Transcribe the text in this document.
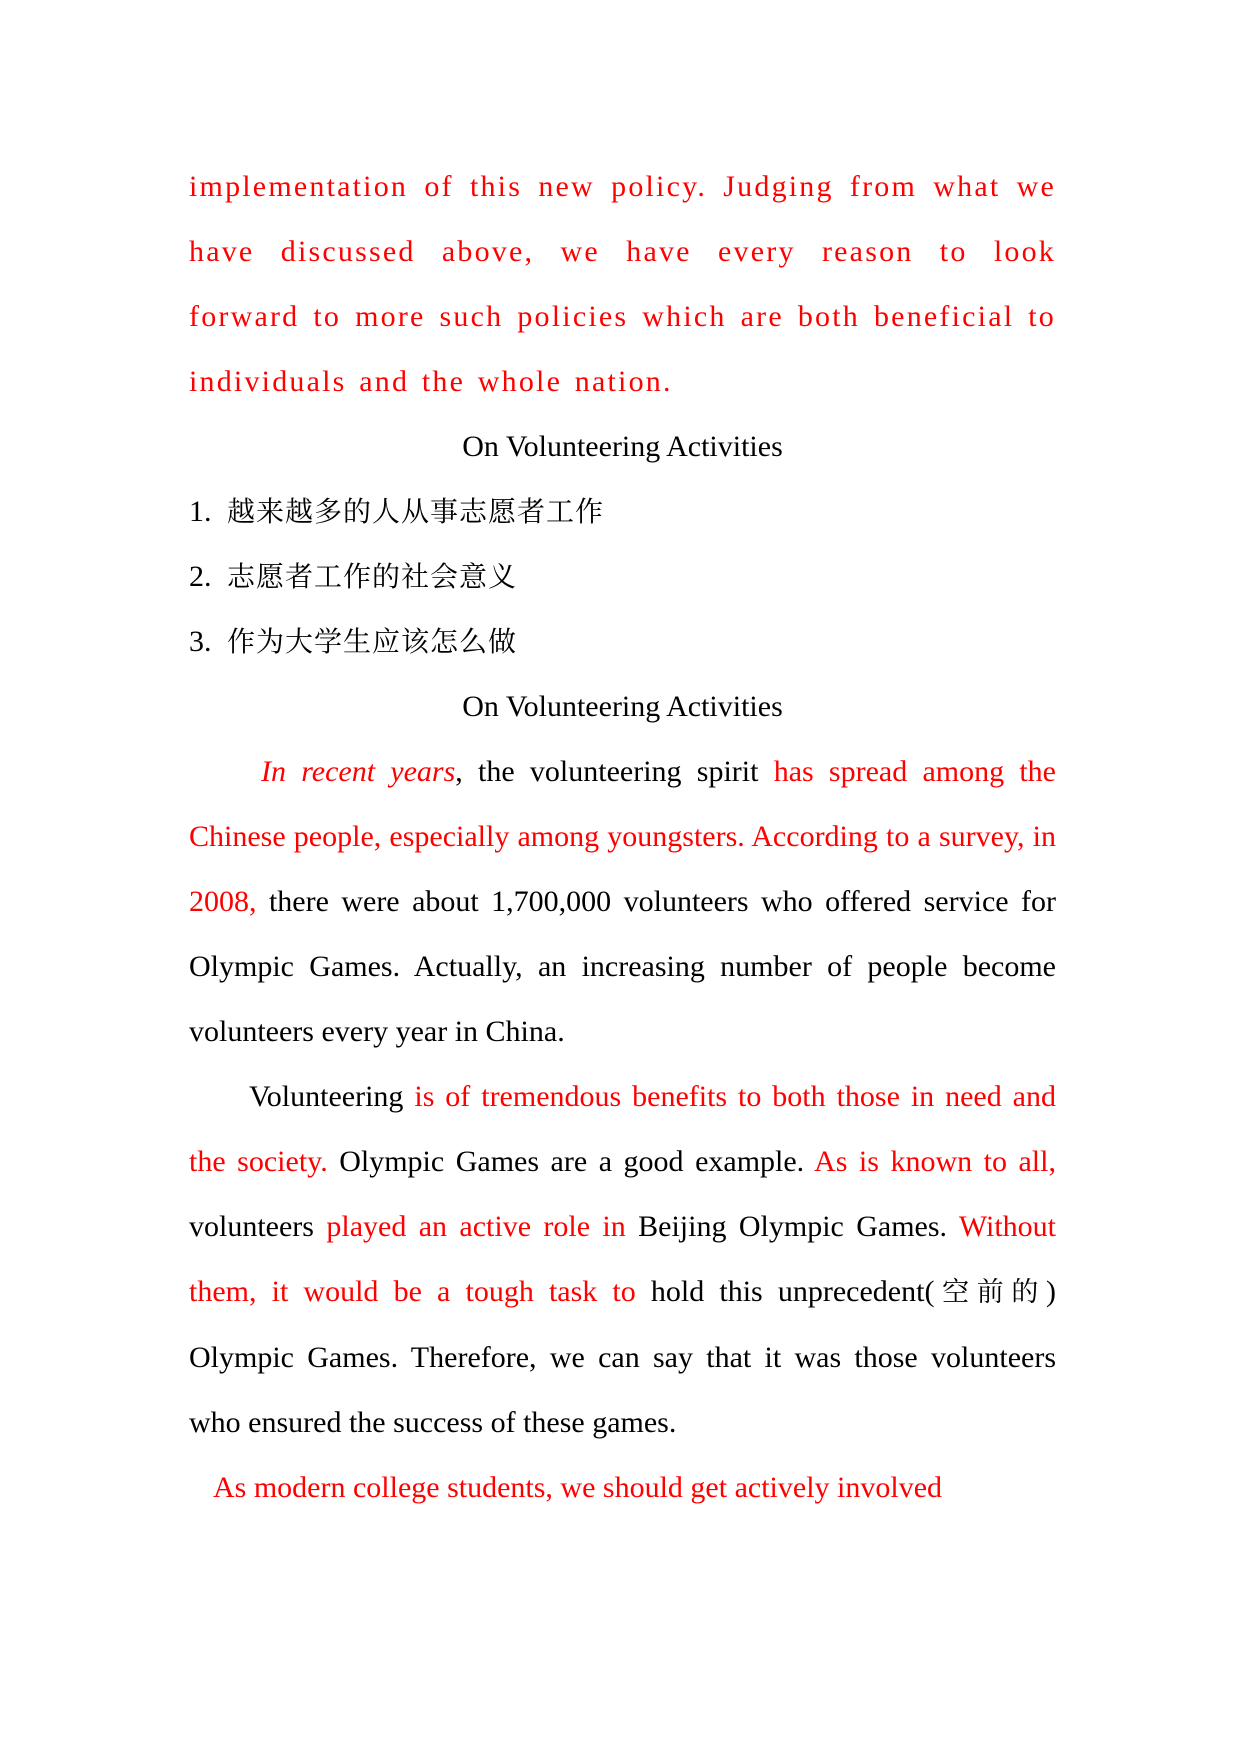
implementation of this new policy. Judging from what we have discussed above, we have every reason to look forward to more such policies which are both beneficial to individuals and the whole nation.

On Volunteering Activities

1. 越来越多的人从事志愿者工作

2. 志愿者工作的社会意义

3. 作为大学生应该怎么做

On Volunteering Activities

In recent years, the volunteering spirit has spread among the Chinese people, especially among youngsters. According to a survey, in 2008, there were about 1,700,000 volunteers who offered service for Olympic Games. Actually, an increasing number of people become volunteers every year in China.

Volunteering is of tremendous benefits to both those in need and the society. Olympic Games are a good example. As is known to all, volunteers played an active role in Beijing Olympic Games. Without them, it would be a tough task to hold this unprecedent(空前的) Olympic Games. Therefore, we can say that it was those volunteers who ensured the success of these games.

As modern college students, we should get actively involved
